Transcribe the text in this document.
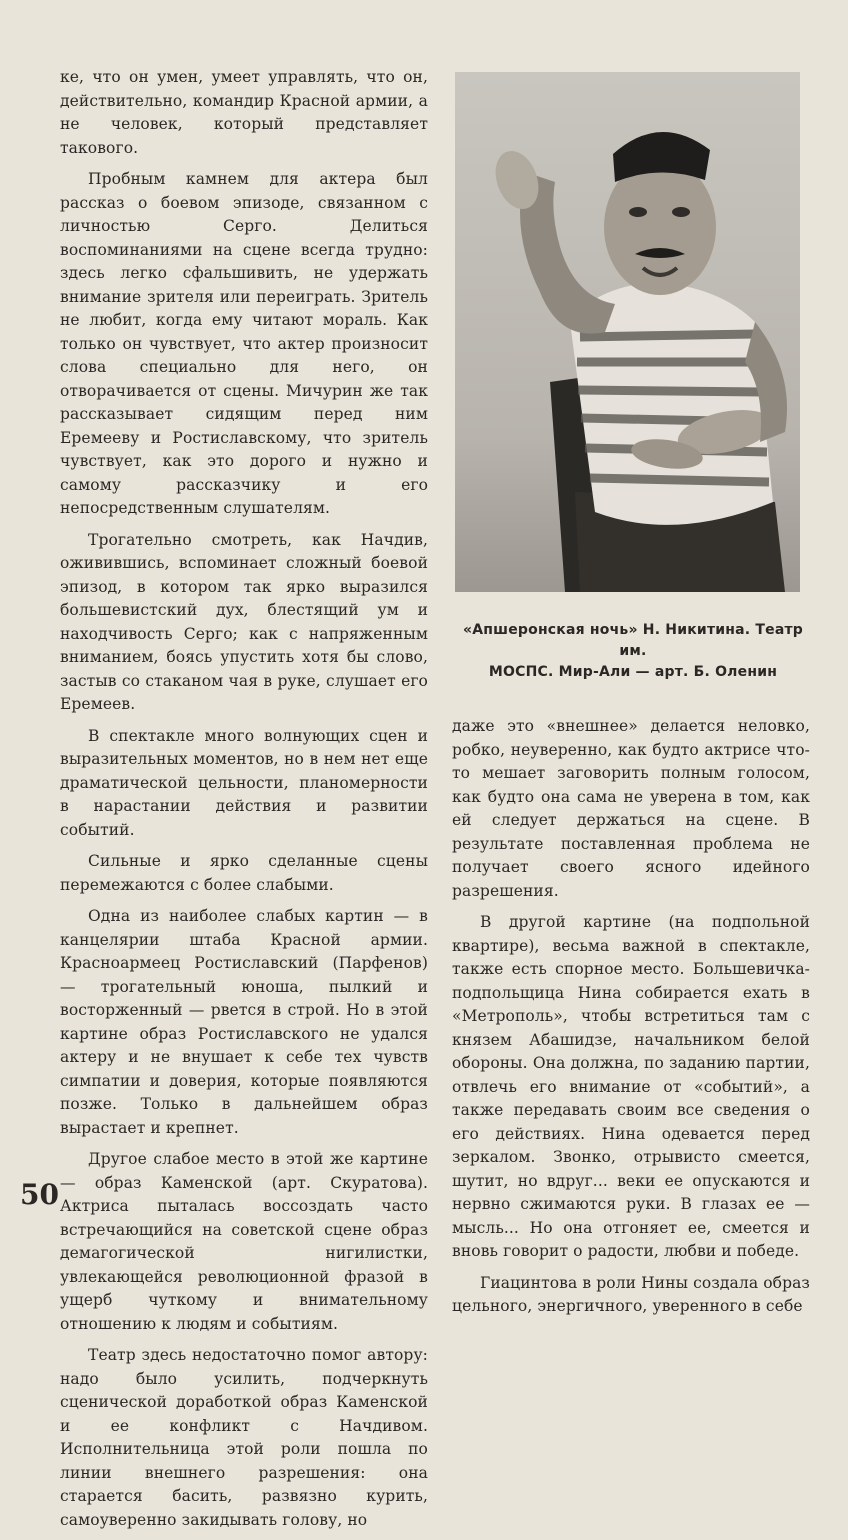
ке, что он умен, умеет управлять, что он, действительно, командир Красной армии, а не человек, который представляет такового.

Пробным камнем для актера был рассказ о боевом эпизоде, связанном с личностью Серго. Делиться воспоминаниями на сцене всегда трудно: здесь легко сфальшивить, не удержать внимание зрителя или переиграть. Зритель не любит, когда ему читают мораль. Как только он чувствует, что актер произносит слова специально для него, он отворачивается от сцены. Мичурин же так рассказывает сидящим перед ним Еремееву и Ростиславскому, что зритель чувствует, как это дорого и нужно и самому рассказчику и его непосредственным слушателям.

Трогательно смотреть, как Начдив, оживившись, вспоминает сложный боевой эпизод, в котором так ярко выразился большевистский дух, блестящий ум и находчивость Серго; как с напряженным вниманием, боясь упустить хотя бы слово, застыв со стаканом чая в руке, слушает его Еремеев.

В спектакле много волнующих сцен и выразительных моментов, но в нем нет еще драматической цельности, планомерности в нарастании действия и развитии событий.

Сильные и ярко сделанные сцены перемежаются с более слабыми.

Одна из наиболее слабых картин — в канцелярии штаба Красной армии. Красноармеец Ростиславский (Парфенов) — трогательный юноша, пылкий и восторженный — рвется в строй. Но в этой картине образ Ростиславского не удался актеру и не внушает к себе тех чувств симпатии и доверия, которые появляются позже. Только в дальнейшем образ вырастает и крепнет.

Другое слабое место в этой же картине — образ Каменской (арт. Скуратова). Актриса пыталась воссоздать часто встречающийся на советской сцене образ демагогической нигилистки, увлекающейся революционной фразой в ущерб чуткому и внимательному отношению к людям и событиям.

Театр здесь недостаточно помог автору: надо было усилить, подчеркнуть сценической доработкой образ Каменской и ее конфликт с Начдивом. Исполнительница этой роли пошла по линии внешнего разрешения: она старается басить, развязно курить, самоуверенно закидывать голову, но

«Апшеронская ночь» Н. Никитина. Театр им.
МОСПС. Мир-Али — арт. Б. Оленин

даже это «внешнее» делается неловко, робко, неуверенно, как будто актрисе что-то мешает заговорить полным голосом, как будто она сама не уверена в том, как ей следует держаться на сцене. В результате поставленная проблема не получает своего ясного идейного разрешения.

В другой картине (на подпольной квартире), весьма важной в спектакле, также есть спорное место. Большевичка-подпольщица Нина собирается ехать в «Метрополь», чтобы встретиться там с князем Абашидзе, начальником белой обороны. Она должна, по заданию партии, отвлечь его внимание от «событий», а также передавать своим все сведения о его действиях. Нина одевается перед зеркалом. Звонко, отрывисто смеется, шутит, но вдруг... веки ее опускаются и нервно сжимаются руки. В глазах ее — мысль... Но она отгоняет ее, смеется и вновь говорит о радости, любви и победе.

Гиацинтова в роли Нины создала образ цельного, энергичного, уверенного в себе

50
